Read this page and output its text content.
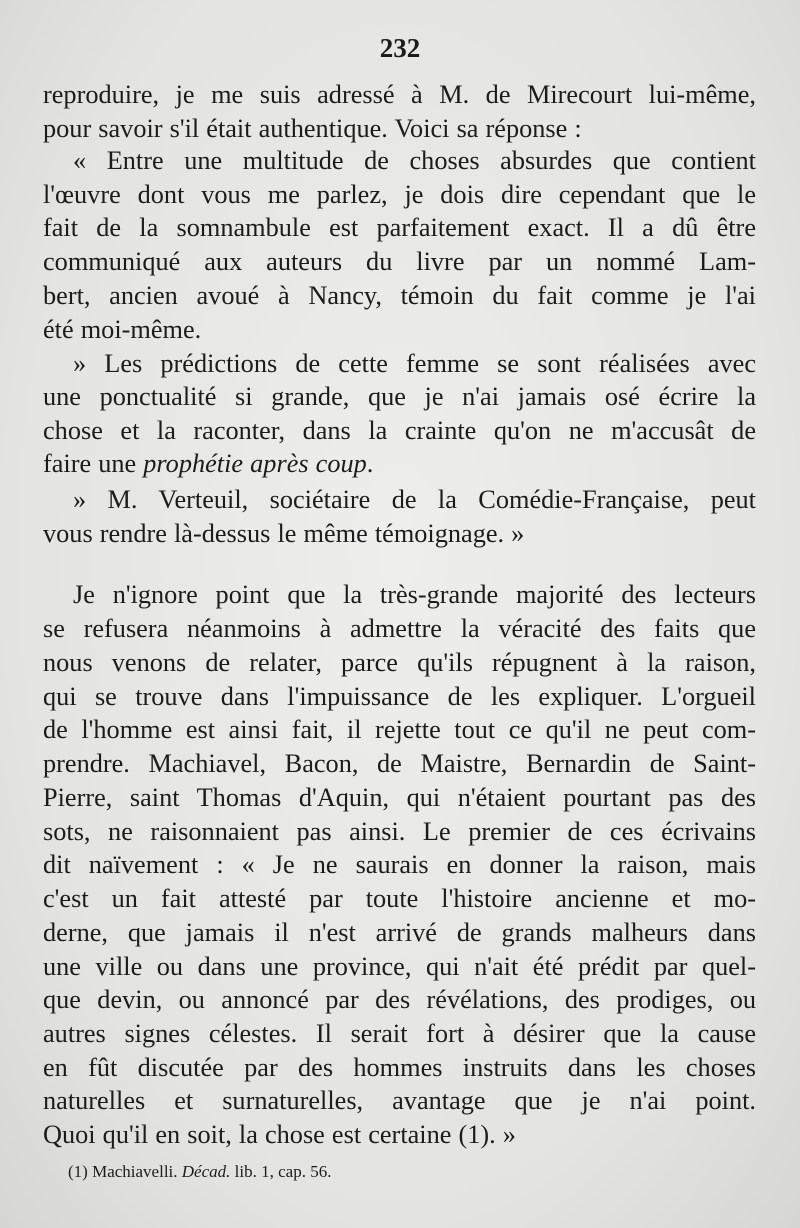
232
reproduire, je me suis adressé à M. de Mirecourt lui-même,
pour savoir s'il était authentique. Voici sa réponse :
« Entre une multitude de choses absurdes que contient
l'œuvre dont vous me parlez, je dois dire cependant que le
fait de la somnambule est parfaitement exact. Il a dû être
communiqué aux auteurs du livre par un nommé Lam-
bert, ancien avoué à Nancy, témoin du fait comme je l'ai
été moi-même.
» Les prédictions de cette femme se sont réalisées avec
une ponctualité si grande, que je n'ai jamais osé écrire la
chose et la raconter, dans la crainte qu'on ne m'accusât de
faire une prophétie après coup.
» M. Verteuil, sociétaire de la Comédie-Française, peut
vous rendre là-dessus le même témoignage. »
Je n'ignore point que la très-grande majorité des lecteurs
se refusera néanmoins à admettre la véracité des faits que
nous venons de relater, parce qu'ils répugnent à la raison,
qui se trouve dans l'impuissance de les expliquer. L'orgueil
de l'homme est ainsi fait, il rejette tout ce qu'il ne peut com-
prendre. Machiavel, Bacon, de Maistre, Bernardin de Saint-
Pierre, saint Thomas d'Aquin, qui n'étaient pourtant pas des
sots, ne raisonnaient pas ainsi. Le premier de ces écrivains
dit naïvement : « Je ne saurais en donner la raison, mais
c'est un fait attesté par toute l'histoire ancienne et mo-
derne, que jamais il n'est arrivé de grands malheurs dans
une ville ou dans une province, qui n'ait été prédit par quel-
que devin, ou annoncé par des révélations, des prodiges, ou
autres signes célestes. Il serait fort à désirer que la cause
en fût discutée par des hommes instruits dans les choses
naturelles et surnaturelles, avantage que je n'ai point.
Quoi qu'il en soit, la chose est certaine (1). »
(1) Machiavelli. Décad. lib. 1, cap. 56.
